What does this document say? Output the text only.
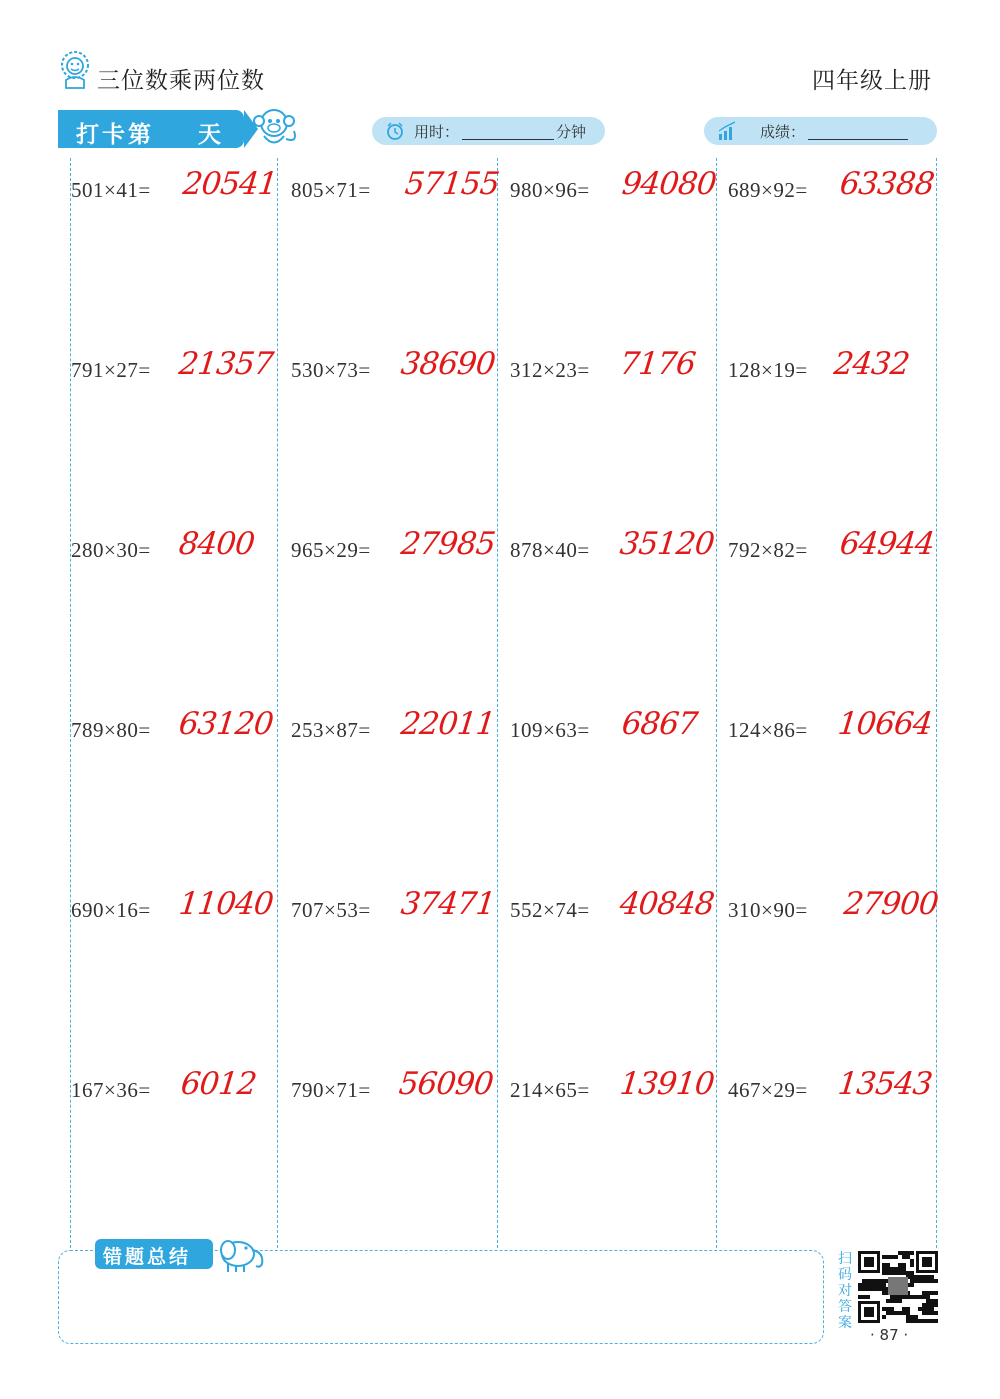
三位数乘两位数	四年级上册
打卡第    天	用时：	分钟	成绩：
501×41= 20541 805×71= 57155 980×96= 94080 689×92= 63388
791×27= 21357 530×73= 38690 312×23= 7176 128×19= 2432
280×30= 8400 965×29= 27985 878×40= 35120 792×82= 64944
789×80= 63120 253×87= 22011 109×63= 6867 124×86= 10664
690×16= 11040 707×53= 37471 552×74= 40848 310×90= 27900
167×36= 6012 790×71= 56090 214×65= 13910 467×29= 13543
错题总结	扫码对答案
· 87 ·
